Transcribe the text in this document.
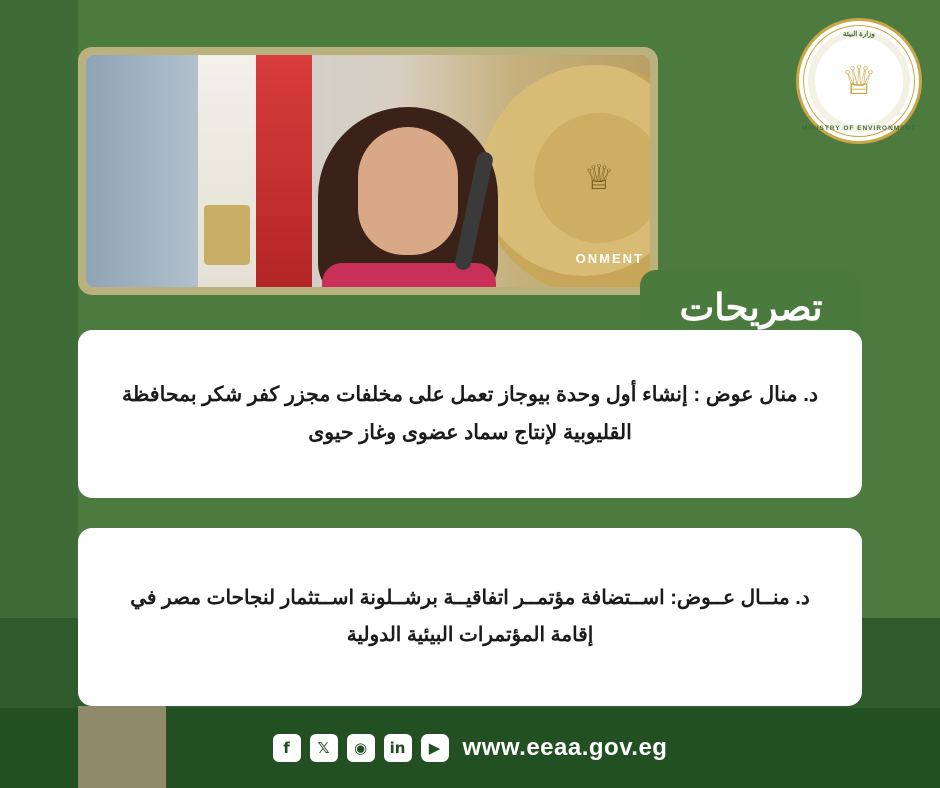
وزارة البيئة
♕
MINISTRY OF ENVIRONMENT
♕
ONMENT
تصريحات

د. منال عوض : إنشاء أول وحدة بيوجاز تعمل على مخلفات مجزر كفر شكر بمحافظة القليوبية لإنتاج سماد عضوى وغاز حيوى

د. منــال عــوض: اســتضافة مؤتمــر اتفاقيــة برشــلونة اســتثمار لنجاحات مصر في إقامة المؤتمرات البيئية الدولية

www.eeaa.gov.eg
f	𝕏	◉	in	▶
